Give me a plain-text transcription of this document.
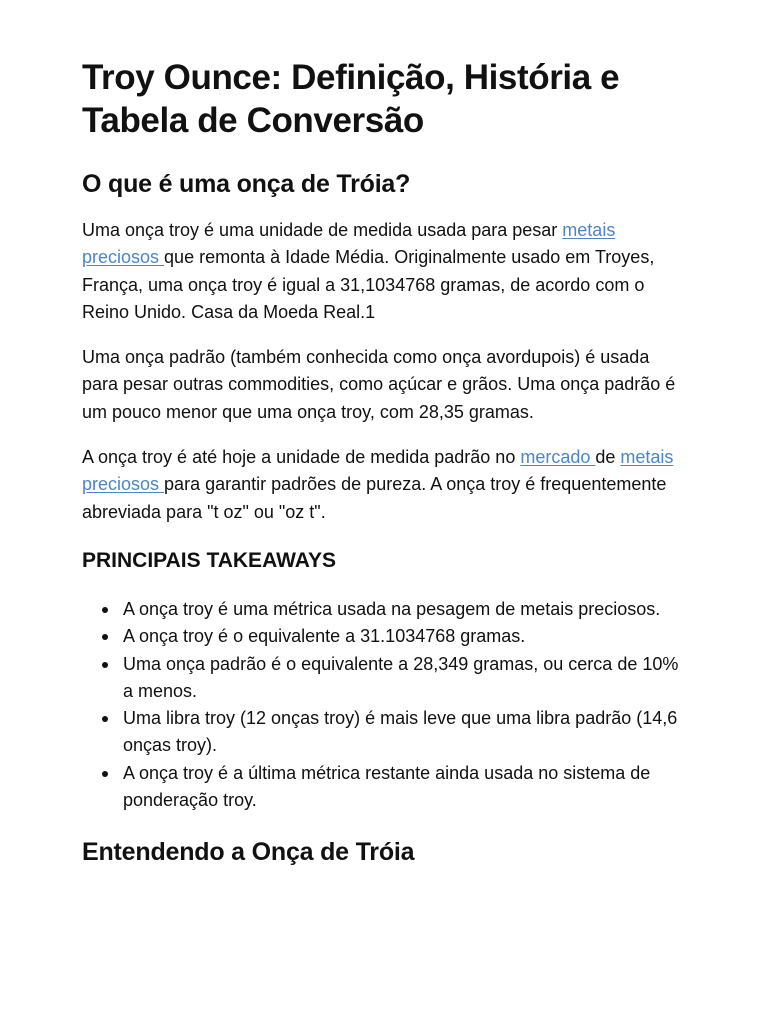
Troy Ounce: Definição, História e Tabela de Conversão
O que é uma onça de Tróia?

Uma onça troy é uma unidade de medida usada para pesar metais preciosos que remonta à Idade Média. Originalmente usado em Troyes, França, uma onça troy é igual a 31,1034768 gramas, de acordo com o Reino Unido. Casa da Moeda Real.1

Uma onça padrão (também conhecida como onça avordupois) é usada para pesar outras commodities, como açúcar e grãos. Uma onça padrão é um pouco menor que uma onça troy, com 28,35 gramas.

A onça troy é até hoje a unidade de medida padrão no mercado de metais preciosos para garantir padrões de pureza. A onça troy é frequentemente abreviada para "t oz" ou "oz t".

PRINCIPAIS TAKEAWAYS
A onça troy é uma métrica usada na pesagem de metais preciosos.
A onça troy é o equivalente a 31.1034768 gramas.
Uma onça padrão é o equivalente a 28,349 gramas, ou cerca de 10% a menos.
Uma libra troy (12 onças troy) é mais leve que uma libra padrão (14,6 onças troy).
A onça troy é a última métrica restante ainda usada no sistema de ponderação troy.
Entendendo a Onça de Tróia
